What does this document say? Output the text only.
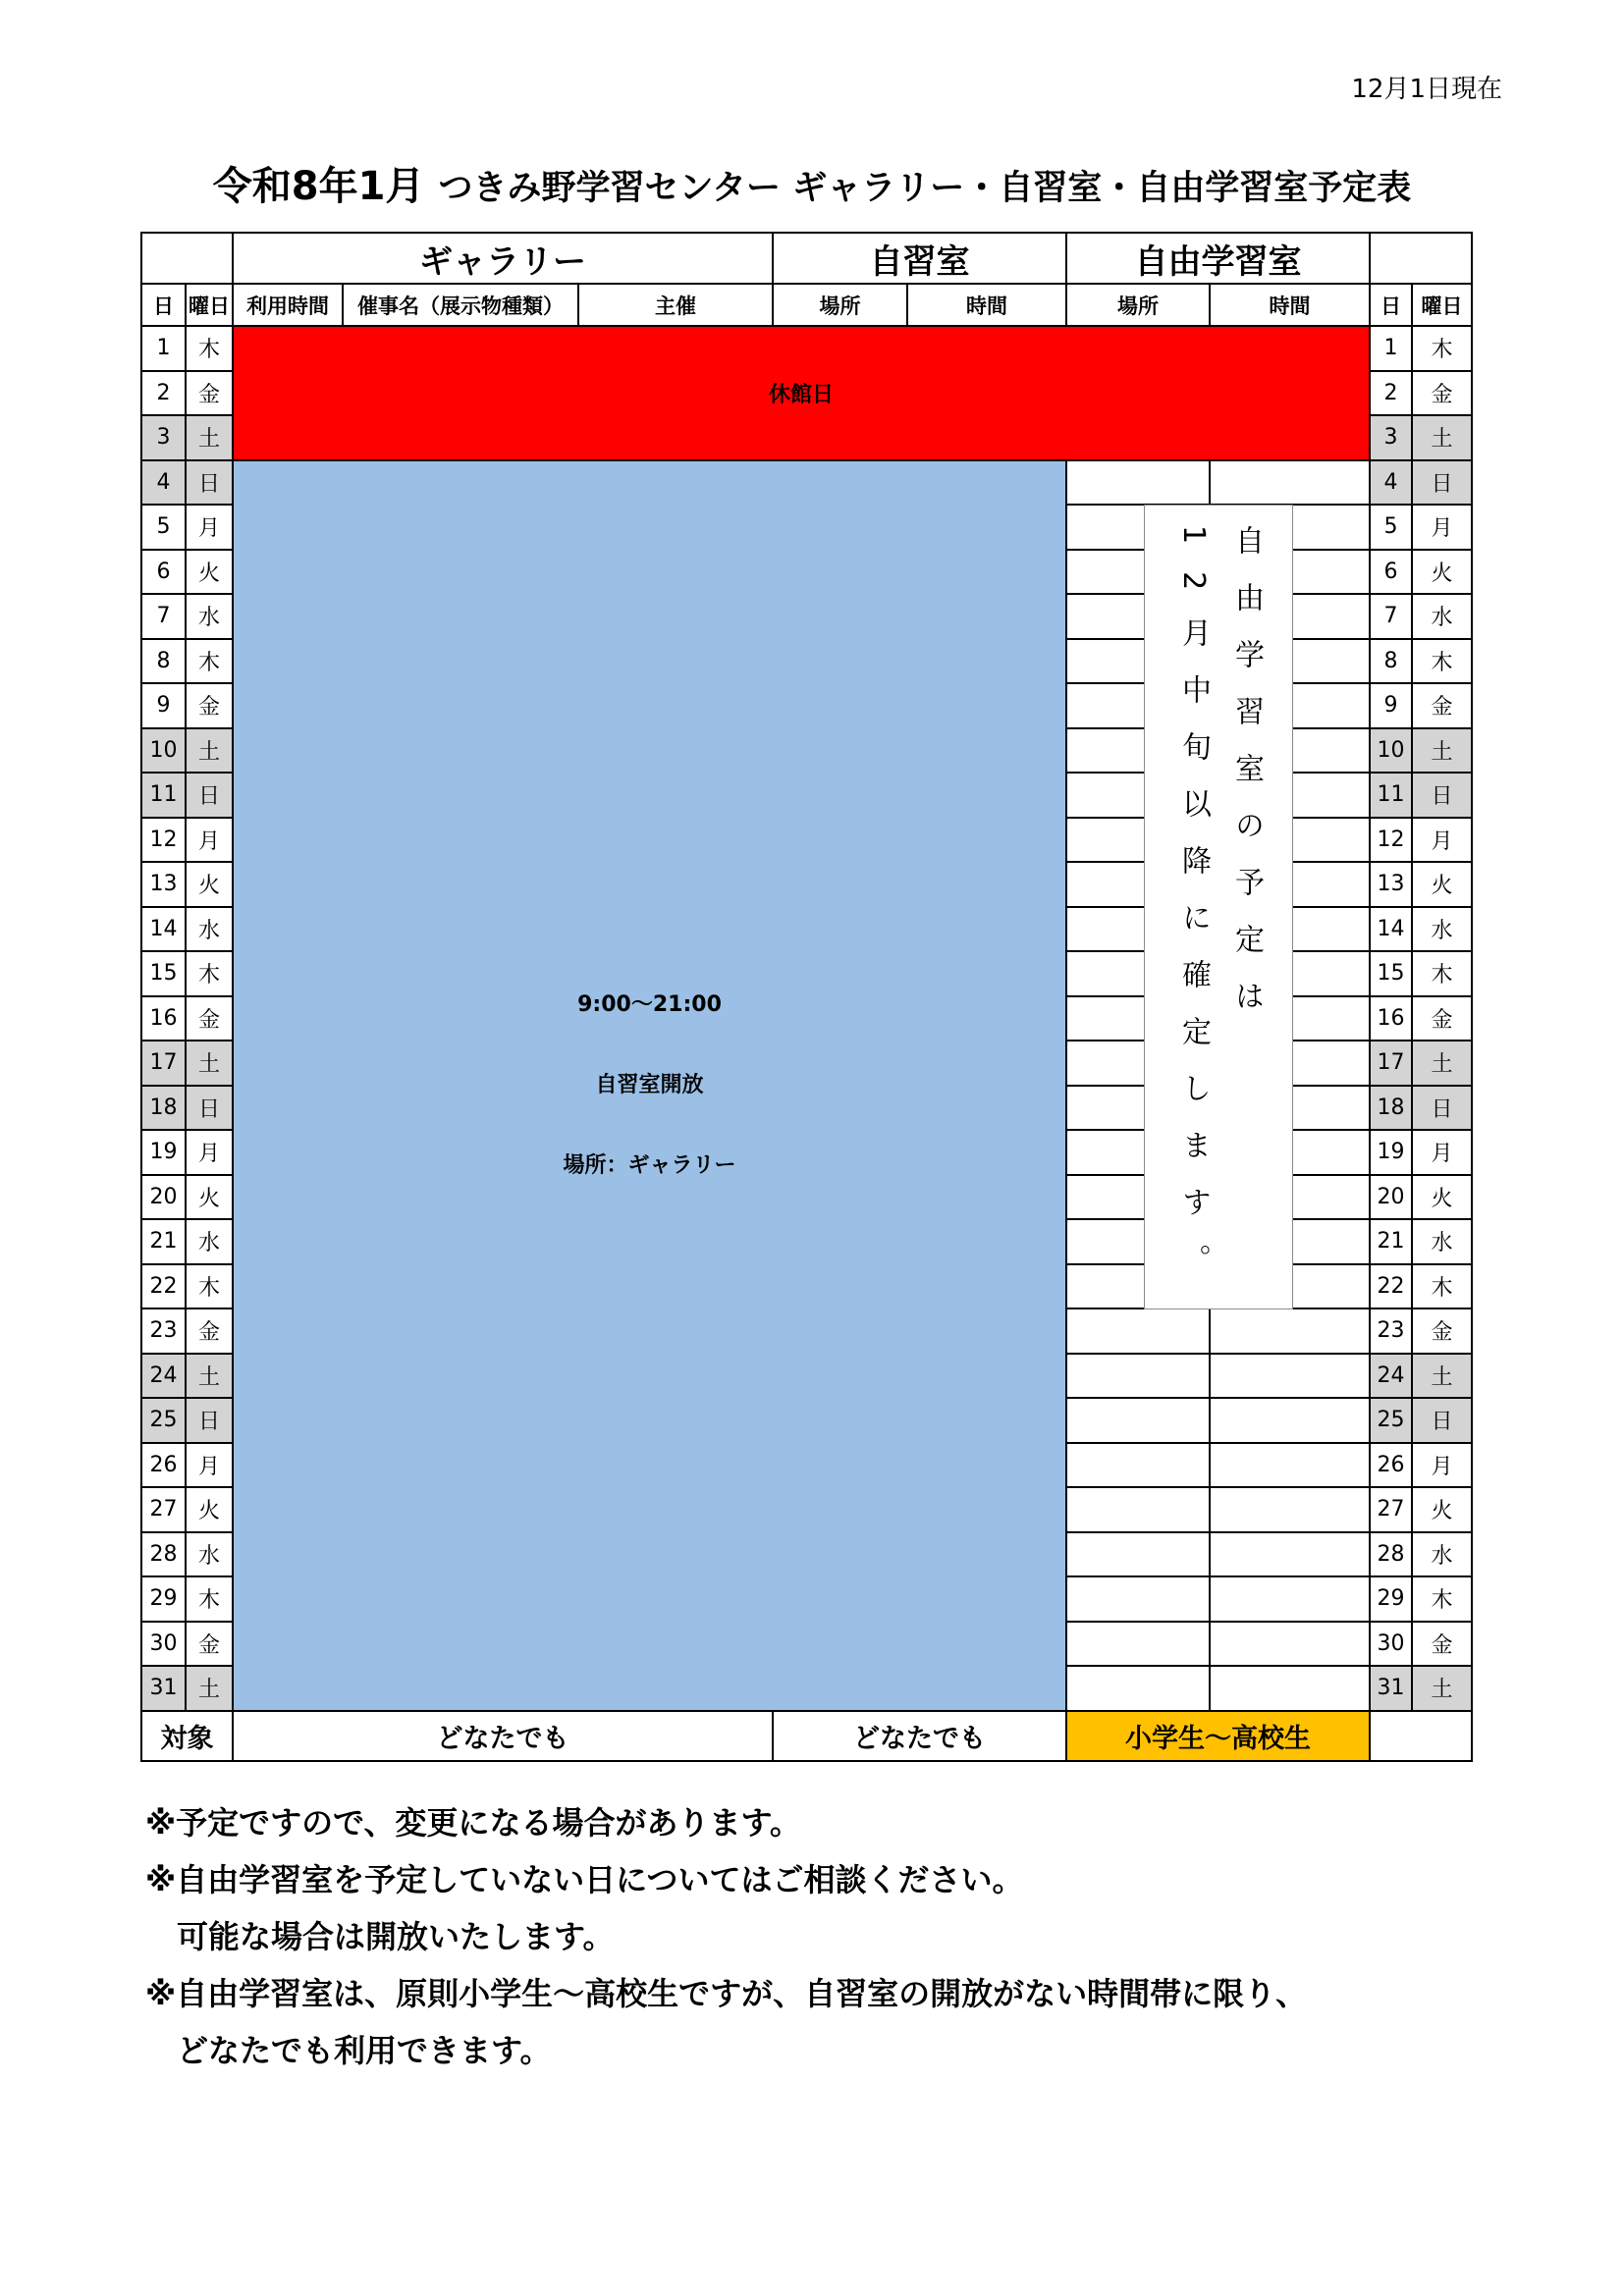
12月1日現在
令和8年1月 つきみ野学習センター ギャラリー・自習室・自由学習室予定表
		ギャラリー			自習室		自由学習室			
日	曜日	利用時間	催事名（展示物種類）	主催	場所	時間	場所	時間	日	曜日
1	木	休館日							1	木
2	金								2	金
3	土								3	土
4	日	9:00～21:00
自習室開放
場所：ギャラリー							4	日
5	月								5	月
6	火								6	火
7	水								7	水
8	木								8	木
9	金								9	金
10	土								10	土
11	日								11	日
12	月								12	月
13	火								13	火
14	水								14	水
15	木								15	木
16	金								16	金
17	土								17	土
18	日								18	日
19	月								19	月
20	火								20	火
21	水								21	水
22	木								22	木
23	金								23	金
24	土								24	土
25	日								25	日
26	月								26	月
27	火								27	火
28	水								28	水
29	木								29	木
30	金								30	金
31	土								31	土
対象		どなたでも			どなたでも		小学生～高校生			
自由学習室の予定は
12月中旬以降に確定します。
※予定ですので、変更になる場合があります。
※自由学習室を予定していない日についてはご相談ください。
　可能な場合は開放いたします。
※自由学習室は、原則小学生～高校生ですが、自習室の開放がない時間帯に限り、
　どなたでも利用できます。
